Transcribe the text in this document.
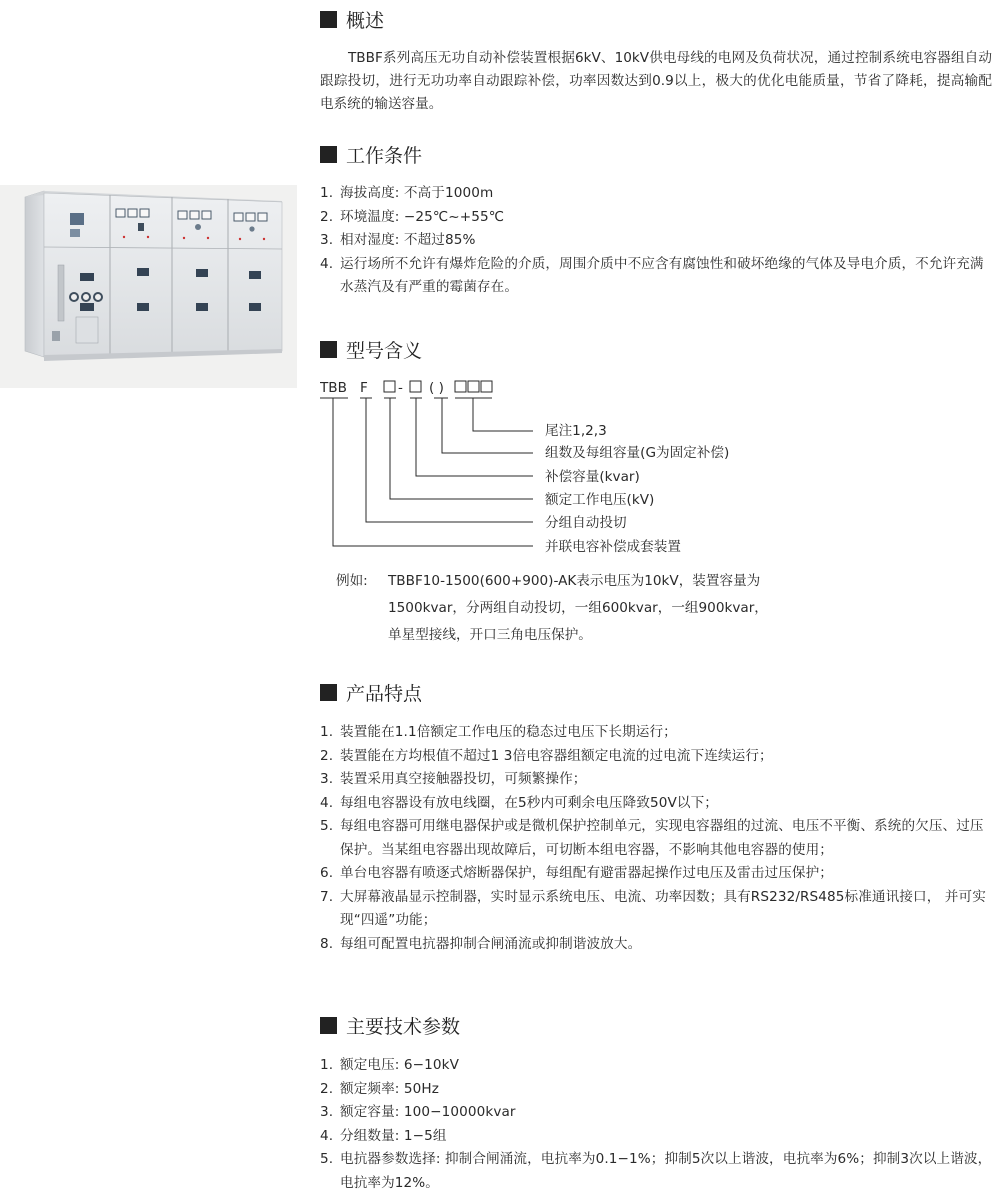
概述

TBBF系列高压无功自动补偿装置根据6kV、10kV供电母线的电网及负荷状况，通过控制系统电容器组自动跟踪投切，进行无功功率自动跟踪补偿，功率因数达到0.9以上，极大的优化电能质量，节省了降耗，提高输配电系统的输送容量。

工作条件
1. 海拔高度: 不高于1000m
2. 环境温度: −25℃~+55℃
3. 相对湿度: 不超过85%
4. 运行场所不允许有爆炸危险的介质，周围介质中不应含有腐蚀性和破坏绝缘的气体及导电介质，不允许充满水蒸汽及有严重的霉菌存在。
型号含义
TBB F - ( )
尾注1,2,3
组数及每组容量(G为固定补偿)
补偿容量(kvar)
额定工作电压(kV)
分组自动投切
并联电容补偿成套装置
例如: TBBF10-1500(600+900)-AK表示电压为10kV，装置容量为
1500kvar，分两组自动投切，一组600kvar，一组900kvar，
单星型接线，开口三角电压保护。
产品特点
1. 装置能在1.1倍额定工作电压的稳态过电压下长期运行；
2. 装置能在方均根值不超过1 3倍电容器组额定电流的过电流下连续运行；
3. 装置采用真空接触器投切，可频繁操作；
4. 每组电容器设有放电线圈，在5秒内可剩余电压降致50V以下；
5. 每组电容器可用继电器保护或是微机保护控制单元，实现电容器组的过流、电压不平衡、系统的欠压、过压保护。当某组电容器出现故障后，可切断本组电容器，不影响其他电容器的使用；
6. 单台电容器有喷逐式熔断器保护，每组配有避雷器起操作过电压及雷击过压保护；
7. 大屏幕液晶显示控制器，实时显示系统电压、电流、功率因数；具有RS232/RS485标准通讯接口， 并可实现“四遥”功能；
8. 每组可配置电抗器抑制合闸涌流或抑制谐波放大。
主要技术参数
1. 额定电压: 6−10kV
2. 额定频率: 50Hz
3. 额定容量: 100−10000kvar
4. 分组数量: 1−5组
5. 电抗器参数选择: 抑制合闸涌流，电抗率为0.1−1%；抑制5次以上谐波，电抗率为6%；抑制3次以上谐波，电抗率为12%。
